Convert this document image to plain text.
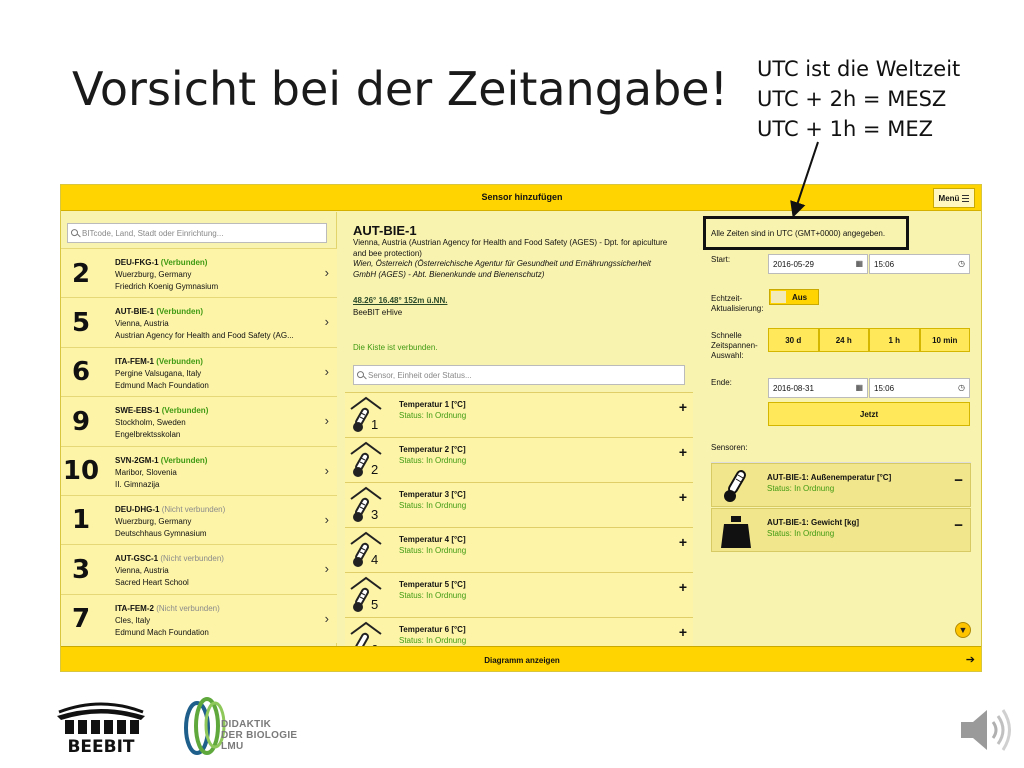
Vorsicht bei der Zeitangabe! UTC ist die Weltzeit
UTC + 2h = MESZ
UTC + 1h = MEZ
Sensor hinzufügen	Menü
BITcode, Land, Stadt oder Einrichtung...
2	DEU-FKG-1 (Verbunden)
Wuerzburg, Germany
Friedrich Koenig Gymnasium
›
5	AUT-BIE-1 (Verbunden)
Vienna, Austria
Austrian Agency for Health and Food Safety (AG...
›
6	ITA-FEM-1 (Verbunden)
Pergine Valsugana, Italy
Edmund Mach Foundation
›
9	SWE-EBS-1 (Verbunden)
Stockholm, Sweden
Engelbrektsskolan
›
10 SVN-2GM-1 (Verbunden)
Maribor, Slovenia
II. Gimnazija
›
1	DEU-DHG-1 (Nicht verbunden)
Wuerzburg, Germany
Deutschhaus Gymnasium
›
3	AUT-GSC-1 (Nicht verbunden)
Vienna, Austria
Sacred Heart School
›
7	ITA-FEM-2 (Nicht verbunden)
Cles, Italy
Edmund Mach Foundation
›
AUT-BIE-1
Vienna, Austria (Austrian Agency for Health and Food Safety (AGES) - Dpt. for apiculture and bee protection)
Wien, Österreich (Österreichische Agentur für Gesundheit und Ernährungssicherheit GmbH (AGES) - Abt. Bienenkunde und Bienenschutz)
48.26° 16.48° 152m ü.NN.
BeeBIT eHive
Die Kiste ist verbunden.
Sensor, Einheit oder Status...
1
Temperatur 1 [°C]
Status: In Ordnung
+
2
Temperatur 2 [°C]
Status: In Ordnung
+
3
Temperatur 3 [°C]
Status: In Ordnung
+
4
Temperatur 4 [°C]
Status: In Ordnung
+
5
Temperatur 5 [°C]
Status: In Ordnung
+
Temperatur 6 [°C]
Status: In Ordnung
+
Alle Zeiten sind in UTC (GMT+0000) angegeben.
Start:	2016-05-29	▦ 15:06	◷
Echtzeit-Aktualisierung:
Aus
Schnelle Zeitspannen-Auswahl:
30 d	24 h	1 h	10 min
Ende:
2016-08-31	▦ 15:06	◷
Jetzt
Sensoren:
AUT-BIE-1: Außenemperatur [°C]
Status: In Ordnung	−
AUT-BIE-1: Gewicht [kg]
Status: In Ordnung	−
▼
Diagramm anzeigen	➔
BEEBIT
DIDAKTIK
DER BIOLOGIE
LMU
